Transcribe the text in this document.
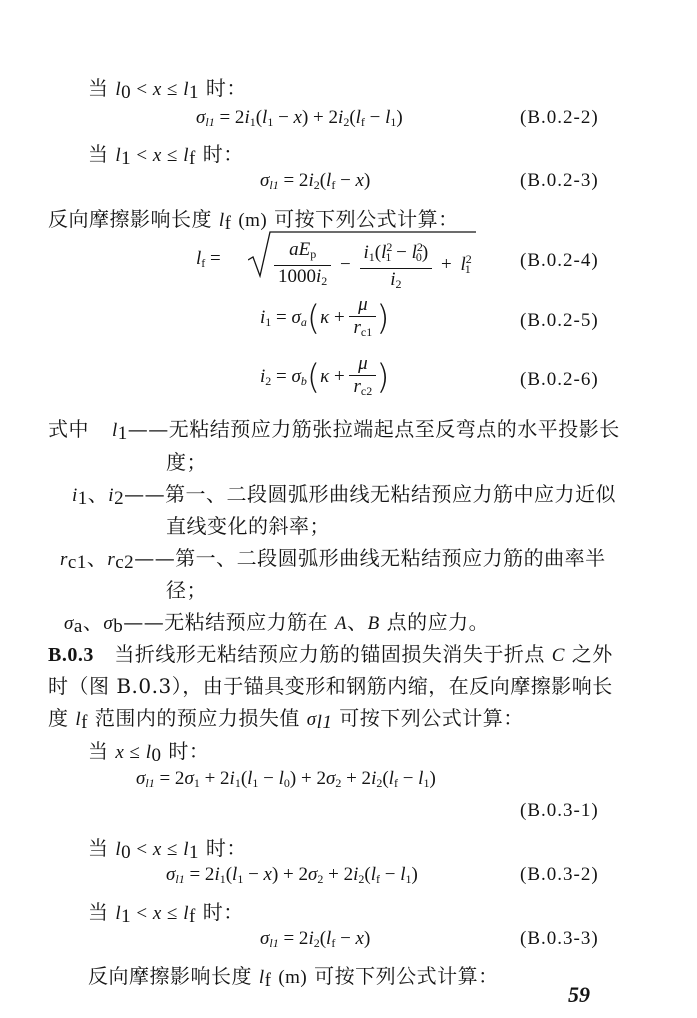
当 $l_0 < x \le l_1$ 时：
$\sigma_{l1} = 2i_1(l_1 - x) + 2i_2(l_f - l_1)$	(B.0.2-2)
当 $l_1 < x \le l_f$ 时：
$\sigma_{l1} = 2i_2(l_f - x)$	(B.0.2-3)
反向摩擦影响长度 $l_f$ (m) 可按下列公式计算：
$l_f$ =	$\frac{aE_p}{1000i_2} - \frac{i_1(l^2_1 - l^2_0)}{i_2} + l^2_1$	(B.0.2-4)
$i_1 = \sigma_a(\kappa + \frac{\mu}{r_{c1}}$ )	(B.0.2-5)
$i_2 = \sigma_b(\kappa + \frac{\mu}{r_{c2}}$ )	(B.0.2-6)
式中 $l_1——$无粘结预应力筋张拉端起点至反弯点的水平投影长
度；
$i_1$、$i_2——$第一、二段圆弧形曲线无粘结预应力筋中应力近似
直线变化的斜率；
$r_{c1}$、$r_{c2}——$第一、二段圆弧形曲线无粘结预应力筋的曲率半
径；
$\sigma_a$、$\sigma_b——$无粘结预应力筋在 A、B 点的应力。
B.0.3　当折线形无粘结预应力筋的锚固损失消失于折点 C 之外
时（图 B.0.3），由于锚具变形和钢筋内缩，在反向摩擦影响长
度 $l_f$ 范围内的预应力损失值 $\sigma_{l1}$ 可按下列公式计算：
当 $x \le l_0$ 时：
$\sigma_{l1} = 2\sigma_1 + 2i_1(l_1 - l_0) + 2\sigma_2 + 2i_2(l_f - l_1)$
(B.0.3-1)
当 $l_0 < x \le l_1$ 时：
$\sigma_{l1} = 2i_1(l_1 - x) + 2\sigma_2 + 2i_2(l_f - l_1)$	(B.0.3-2)
当 $l_1 < x \le l_f$ 时：
$\sigma_{l1} = 2i_2(l_f - x)$	(B.0.3-3)
反向摩擦影响长度 $l_f$ (m) 可按下列公式计算：
59
